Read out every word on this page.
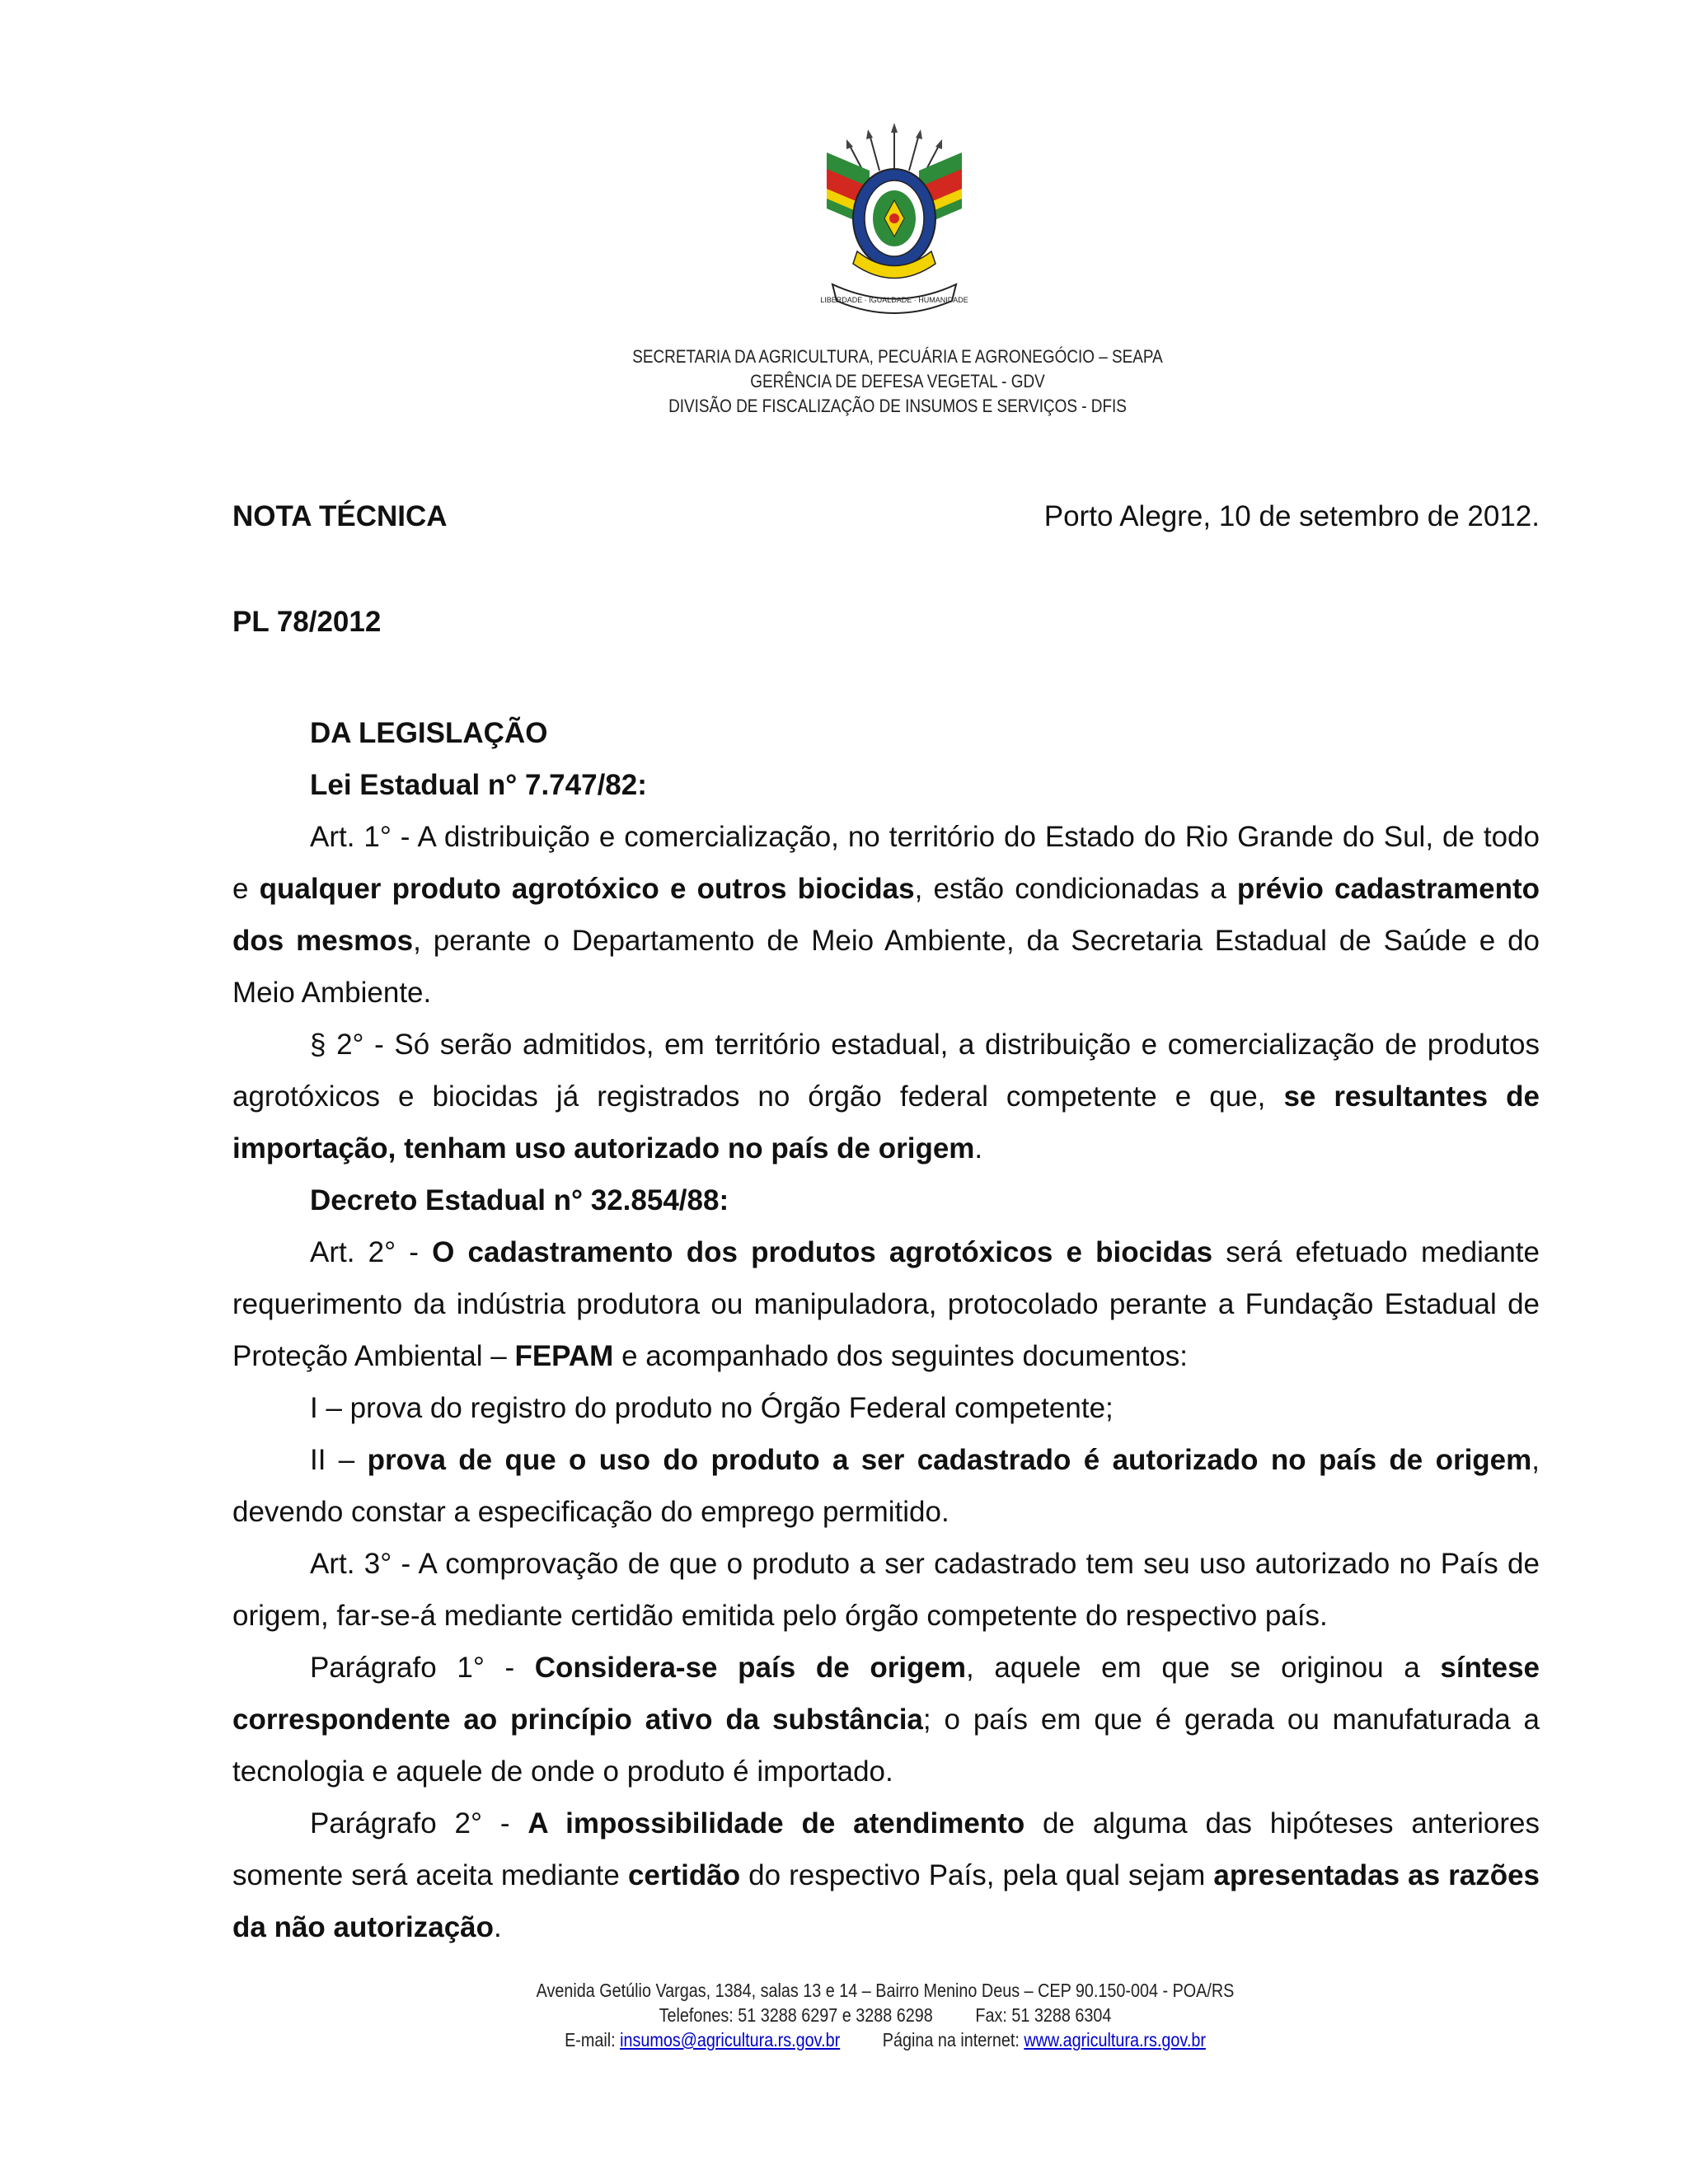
LIBERDADE · IGUALDADE · HUMANIDADE
SECRETARIA DA AGRICULTURA, PECUÁRIA E AGRONEGÓCIO – SEAPA
GERÊNCIA DE DEFESA VEGETAL - GDV
DIVISÃO DE FISCALIZAÇÃO DE INSUMOS E SERVIÇOS - DFIS
NOTA TÉCNICA	Porto Alegre, 10 de setembro de 2012.
PL 78/2012

DA LEGISLAÇÃO

Lei Estadual n° 7.747/82:

Art. 1° - A distribuição e comercialização, no território do Estado do Rio Grande do Sul, de todo e qualquer produto agrotóxico e outros biocidas, estão condicionadas a prévio cadastramento dos mesmos, perante o Departamento de Meio Ambiente, da Secretaria Estadual de Saúde e do Meio Ambiente.

§ 2° - Só serão admitidos, em território estadual, a distribuição e comercialização de produtos agrotóxicos e biocidas já registrados no órgão federal competente e que, se resultantes de importação, tenham uso autorizado no país de origem.

Decreto Estadual n° 32.854/88:

Art. 2° - O cadastramento dos produtos agrotóxicos e biocidas será efetuado mediante requerimento da indústria produtora ou manipuladora, protocolado perante a Fundação Estadual de Proteção Ambiental – FEPAM e acompanhado dos seguintes documentos:

I – prova do registro do produto no Órgão Federal competente;

II – prova de que o uso do produto a ser cadastrado é autorizado no país de origem, devendo constar a especificação do emprego permitido.

Art. 3° - A comprovação de que o produto a ser cadastrado tem seu uso autorizado no País de origem, far-se-á mediante certidão emitida pelo órgão competente do respectivo país.

Parágrafo 1° - Considera-se país de origem, aquele em que se originou a síntese correspondente ao princípio ativo da substância; o país em que é gerada ou manufaturada a tecnologia e aquele de onde o produto é importado.

Parágrafo 2° - A impossibilidade de atendimento de alguma das hipóteses anteriores somente será aceita mediante certidão do respectivo País, pela qual sejam apresentadas as razões da não autorização.

Avenida Getúlio Vargas, 1384, salas 13 e 14 – Bairro Menino Deus – CEP 90.150-004 - POA/RS
Telefones: 51 3288 6297 e 3288 6298 Fax: 51 3288 6304
E-mail: insumos@agricultura.rs.gov.br Página na internet: www.agricultura.rs.gov.br
